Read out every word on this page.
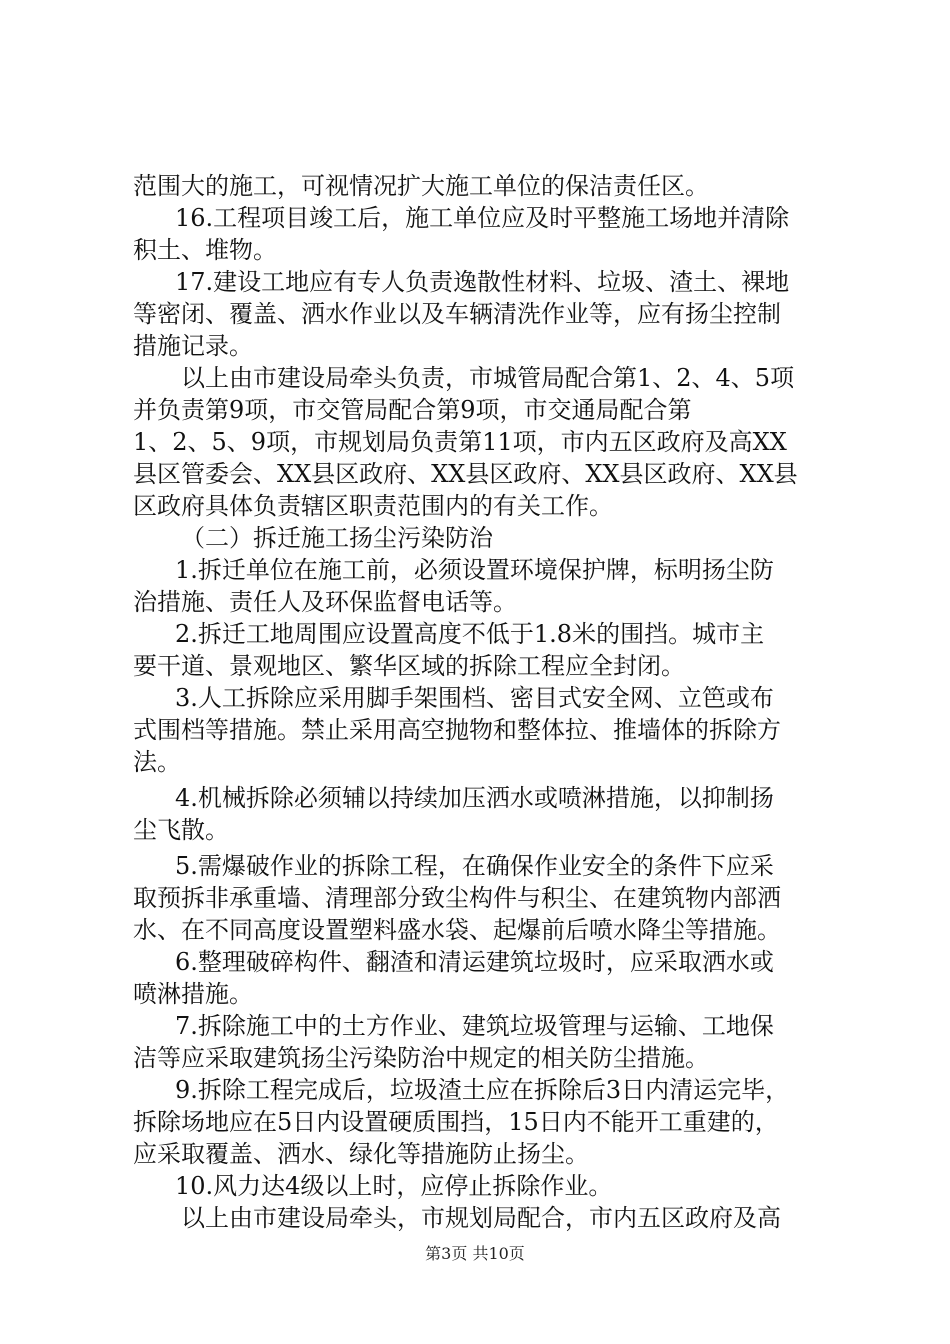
范围大的施工，可视情况扩大施工单位的保洁责任区。
16.工程项目竣工后，施工单位应及时平整施工场地并清除
积土、堆物。
17.建设工地应有专人负责逸散性材料、垃圾、渣土、裸地
等密闭、覆盖、洒水作业以及车辆清洗作业等，应有扬尘控制
措施记录。
以上由市建设局牵头负责，市城管局配合第1、2、4、5项
并负责第9项，市交管局配合第9项，市交通局配合第
1、2、5、9项，市规划局负责第11项，市内五区政府及高XX
县区管委会、XX县区政府、XX县区政府、XX县区政府、XX县
区政府具体负责辖区职责范围内的有关工作。
（二）拆迁施工扬尘污染防治
1.拆迁单位在施工前，必须设置环境保护牌，标明扬尘防
治措施、责任人及环保监督电话等。
2.拆迁工地周围应设置高度不低于1.8米的围挡。城市主
要干道、景观地区、繁华区域的拆除工程应全封闭。
3.人工拆除应采用脚手架围档、密目式安全网、立笆或布
式围档等措施。禁止采用高空抛物和整体拉、推墙体的拆除方
法。
4.机械拆除必须辅以持续加压洒水或喷淋措施，以抑制扬
尘飞散。
5.需爆破作业的拆除工程，在确保作业安全的条件下应采
取预拆非承重墙、清理部分致尘构件与积尘、在建筑物内部洒
水、在不同高度设置塑料盛水袋、起爆前后喷水降尘等措施。
6.整理破碎构件、翻渣和清运建筑垃圾时，应采取洒水或
喷淋措施。
7.拆除施工中的土方作业、建筑垃圾管理与运输、工地保
洁等应采取建筑扬尘污染防治中规定的相关防尘措施。
9.拆除工程完成后，垃圾渣土应在拆除后3日内清运完毕，
拆除场地应在5日内设置硬质围挡，15日内不能开工重建的，
应采取覆盖、洒水、绿化等措施防止扬尘。
10.风力达4级以上时，应停止拆除作业。
以上由市建设局牵头，市规划局配合，市内五区政府及高
第3页 共10页
